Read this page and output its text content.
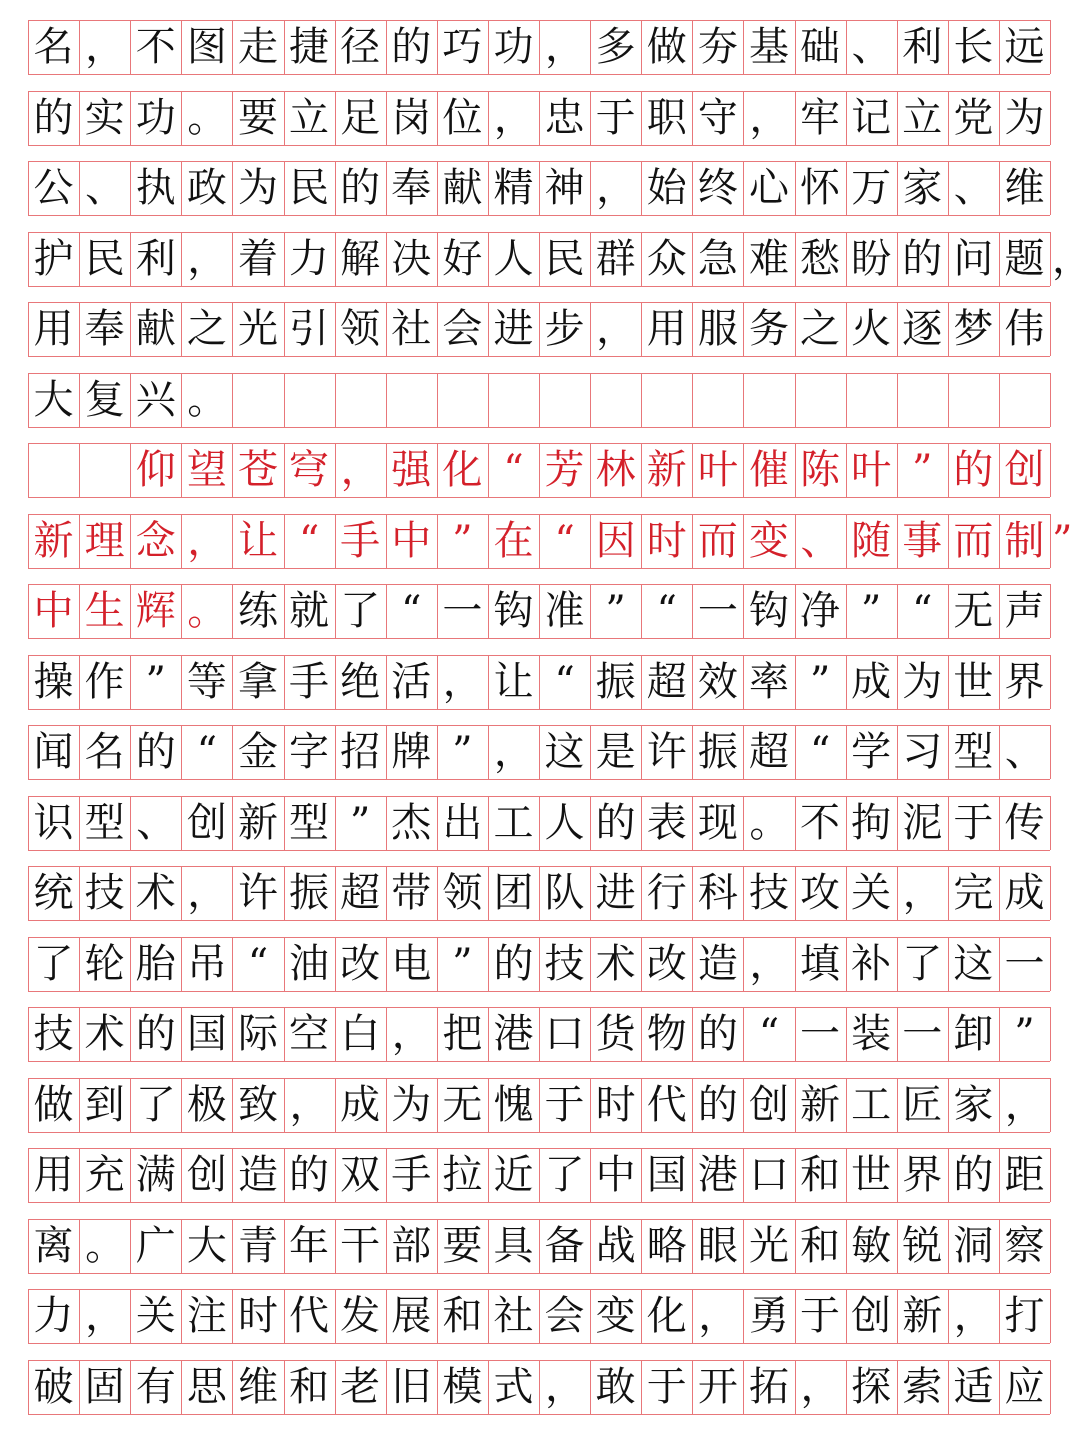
名 ， 不 图 走 捷 径 的 巧 功 ， 多 做 夯 基 础 、 利 长 远
的 实 功 。 要 立 足 岗 位 ， 忠 于 职 守 ， 牢 记 立 党 为
公 、 执 政 为 民 的 奉 献 精 神 ， 始 终 心 怀 万 家 、 维
护 民 利 ， 着 力 解 决 好 人 民 群 众 急 难 愁 盼 的 问 题 ，
用 奉 献 之 光 引 领 社 会 进 步 ， 用 服 务 之 火 逐 梦 伟
大 复 兴 。

仰 望 苍 穹 ， 强 化 “ 芳 林 新 叶 催 陈 叶 ” 的 创
新 理 念 ， 让 “ 手 中 ” 在 “ 因 时 而 变 、 随 事 而 制 ”
中 生 辉 。 练 就 了 “ 一 钩 准 ” “ 一 钩 净 ” “ 无 声
操 作 ” 等 拿 手 绝 活 ， 让 “ 振 超 效 率 ” 成 为 世 界
闻 名 的 “ 金 字 招 牌 ” ， 这 是 许 振 超 “ 学 习 型 、
识 型 、 创 新 型 ” 杰 出 工 人 的 表 现 。 不 拘 泥 于 传
统 技 术 ， 许 振 超 带 领 团 队 进 行 科 技 攻 关 ， 完 成
了 轮 胎 吊 “ 油 改 电 ” 的 技 术 改 造 ， 填 补 了 这 一
技 术 的 国 际 空 白 ， 把 港 口 货 物 的 “ 一 装 一 卸 ”
做 到 了 极 致 ， 成 为 无 愧 于 时 代 的 创 新 工 匠 家 ，
用 充 满 创 造 的 双 手 拉 近 了 中 国 港 口 和 世 界 的 距
离 。 广 大 青 年 干 部 要 具 备 战 略 眼 光 和 敏 锐 洞 察
力 ， 关 注 时 代 发 展 和 社 会 变 化 ， 勇 于 创 新 ， 打
破 固 有 思 维 和 老 旧 模 式 ， 敢 于 开 拓 ， 探 索 适 应
